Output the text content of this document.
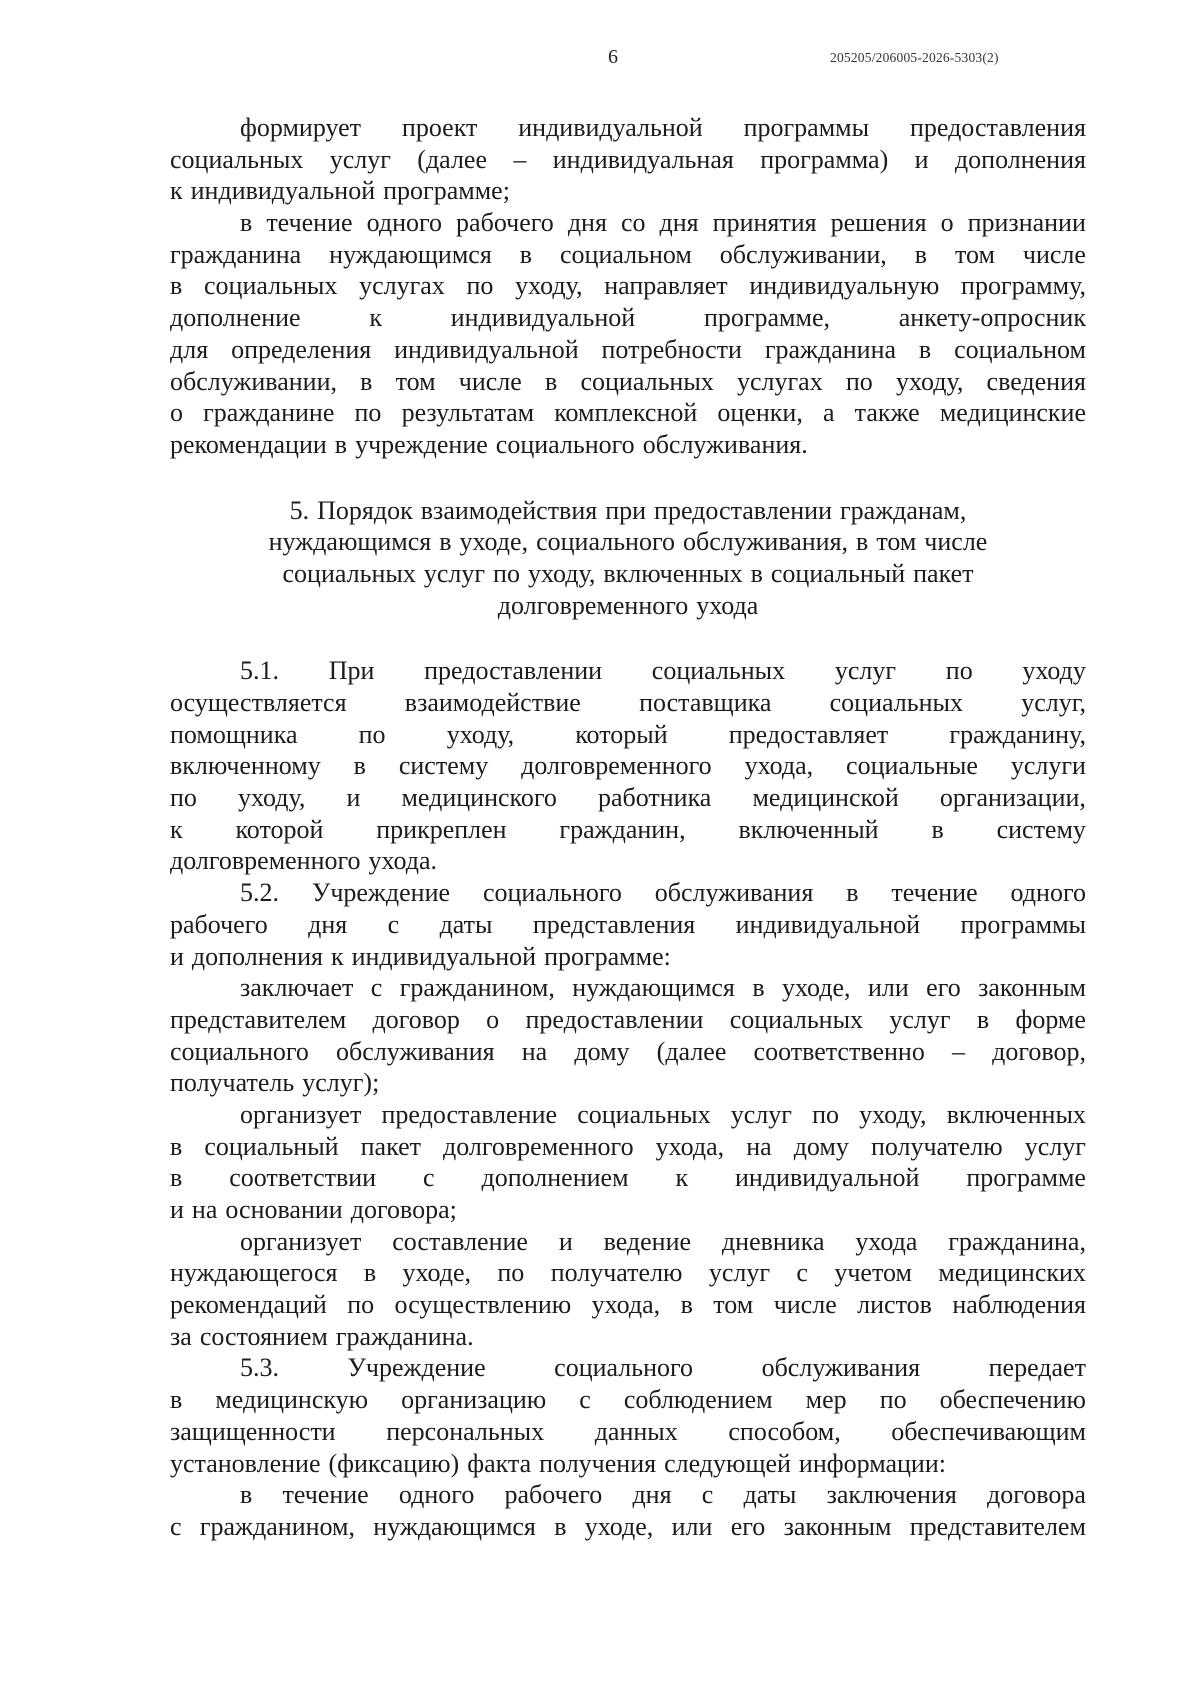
6	205205/206005-2026-5303(2)
формирует проект индивидуальной программы предоставления
социальных услуг (далее – индивидуальная программа) и дополнения
к индивидуальной программе;
в течение одного рабочего дня со дня принятия решения о признании
гражданина нуждающимся в социальном обслуживании, в том числе
в социальных услугах по уходу, направляет индивидуальную программу,
дополнение	к	индивидуальной	программе,	анкету-опросник
для определения индивидуальной потребности гражданина в социальном
обслуживании, в том числе в социальных услугах по уходу, сведения
о гражданине по результатам комплексной оценки, а также медицинские
рекомендации в учреждение социального обслуживания.
5. Порядок взаимодействия при предоставлении гражданам,
нуждающимся в уходе, социального обслуживания, в том числе
социальных услуг по уходу, включенных в социальный пакет
долговременного ухода
5.1. При предоставлении социальных услуг по уходу
осуществляется взаимодействие поставщика социальных услуг,
помощника по уходу, который предоставляет гражданину,
включенному в систему долговременного ухода, социальные услуги
по уходу, и медицинского работника медицинской организации,
к которой прикреплен гражданин, включенный в систему
долговременного ухода.
5.2. Учреждение социального обслуживания в течение одного
рабочего дня с даты представления индивидуальной программы
и дополнения к индивидуальной программе:
заключает с гражданином, нуждающимся в уходе, или его законным
представителем договор о предоставлении социальных услуг в форме
социального обслуживания на дому (далее соответственно – договор,
получатель услуг);
организует предоставление социальных услуг по уходу, включенных
в социальный пакет долговременного ухода, на дому получателю услуг
в соответствии с дополнением к индивидуальной программе
и на основании договора;
организует составление и ведение дневника ухода гражданина,
нуждающегося в уходе, по получателю услуг с учетом медицинских
рекомендаций по осуществлению ухода, в том числе листов наблюдения
за состоянием гражданина.
5.3.	Учреждение	социального	обслуживания	передает
в медицинскую организацию с соблюдением мер по обеспечению
защищенности персональных данных способом, обеспечивающим
установление (фиксацию) факта получения следующей информации:
в течение одного рабочего дня с даты заключения договора
с гражданином, нуждающимся в уходе, или его законным представителем
